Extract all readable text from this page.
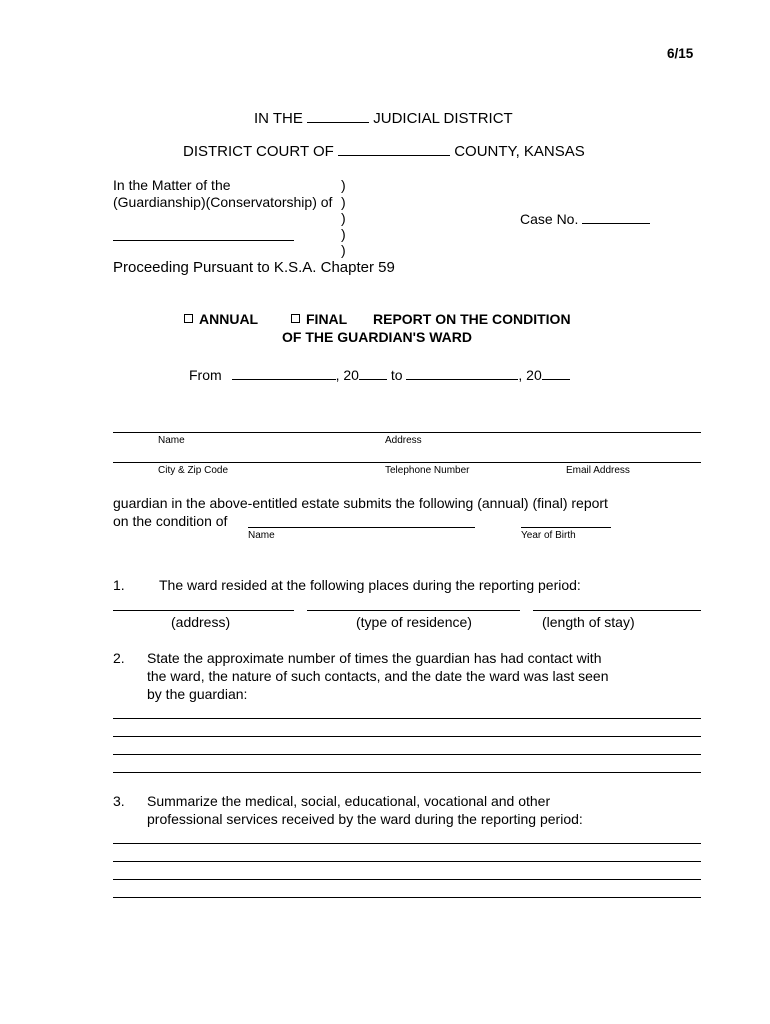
6/15
IN THE	JUDICIAL DISTRICT
DISTRICT COURT OF	COUNTY, KANSAS
In the Matter of the
(Guardianship)(Conservatorship) of
)
)
)
)
)
Case No.
Proceeding Pursuant to K.S.A. Chapter 59
ANNUAL	FINAL REPORT ON THE CONDITION
OF THE GUARDIAN'S WARD
From	, 20 to	, 20
Name	Address
City & Zip Code	Telephone Number	Email Address
guardian in the above-entitled estate submits the following (annual) (final) report
on the condition of
Name	Year of Birth
1. The ward resided at the following places during the reporting period:
(address)	(type of residence)	(length of stay)
2. State the approximate number of times the guardian has had contact with
the ward, the nature of such contacts, and the date the ward was last seen
by the guardian:
3. Summarize the medical, social, educational, vocational and other
professional services received by the ward during the reporting period:
